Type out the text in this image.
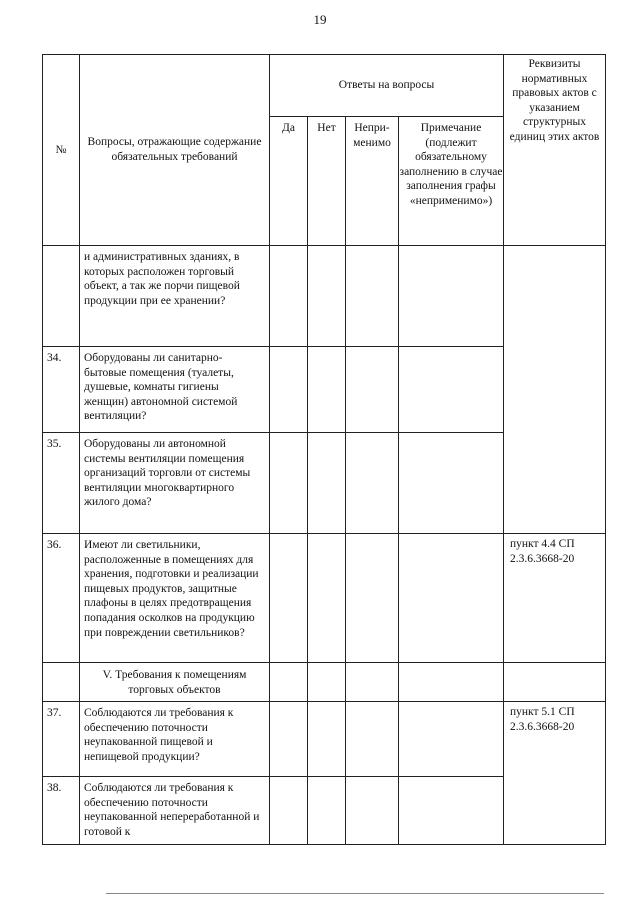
19
№	Вопросы, отражающие содержание обязательных требований	Ответы на вопросы				Реквизиты нормативных правовых актов с указанием структурных единиц этих актов
		Да	Нет	Непри-менимо	Примечание (подлежит обязательному заполнению в случае заполнения графы «неприменимо»)	
	и административных зданиях, в которых расположен торговый объект, а так же порчи пищевой продукции при ее хранении?					
34.	Оборудованы ли санитарно-бытовые помещения (туалеты, душевые, комнаты гигиены женщин) автономной системой вентиляции?					
35.	Оборудованы ли автономной системы вентиляции помещения организаций торговли от системы вентиляции многоквартирного жилого дома?					
36.	Имеют ли светильники, расположенные в помещениях для хранения, подготовки и реализации пищевых продуктов, защитные плафоны в целях предотвращения попадания осколков на продукцию при повреждении светильников?					пункт 4.4 СП 2.3.6.3668-20
	V. Требования к помещениям торговых объектов					
37.	Соблюдаются ли требования к обеспечению поточности неупакованной пищевой и непищевой продукции?					пункт 5.1 СП 2.3.6.3668-20
38.	Соблюдаются ли требования к обеспечению поточности неупакованной непереработанной и готовой к					
